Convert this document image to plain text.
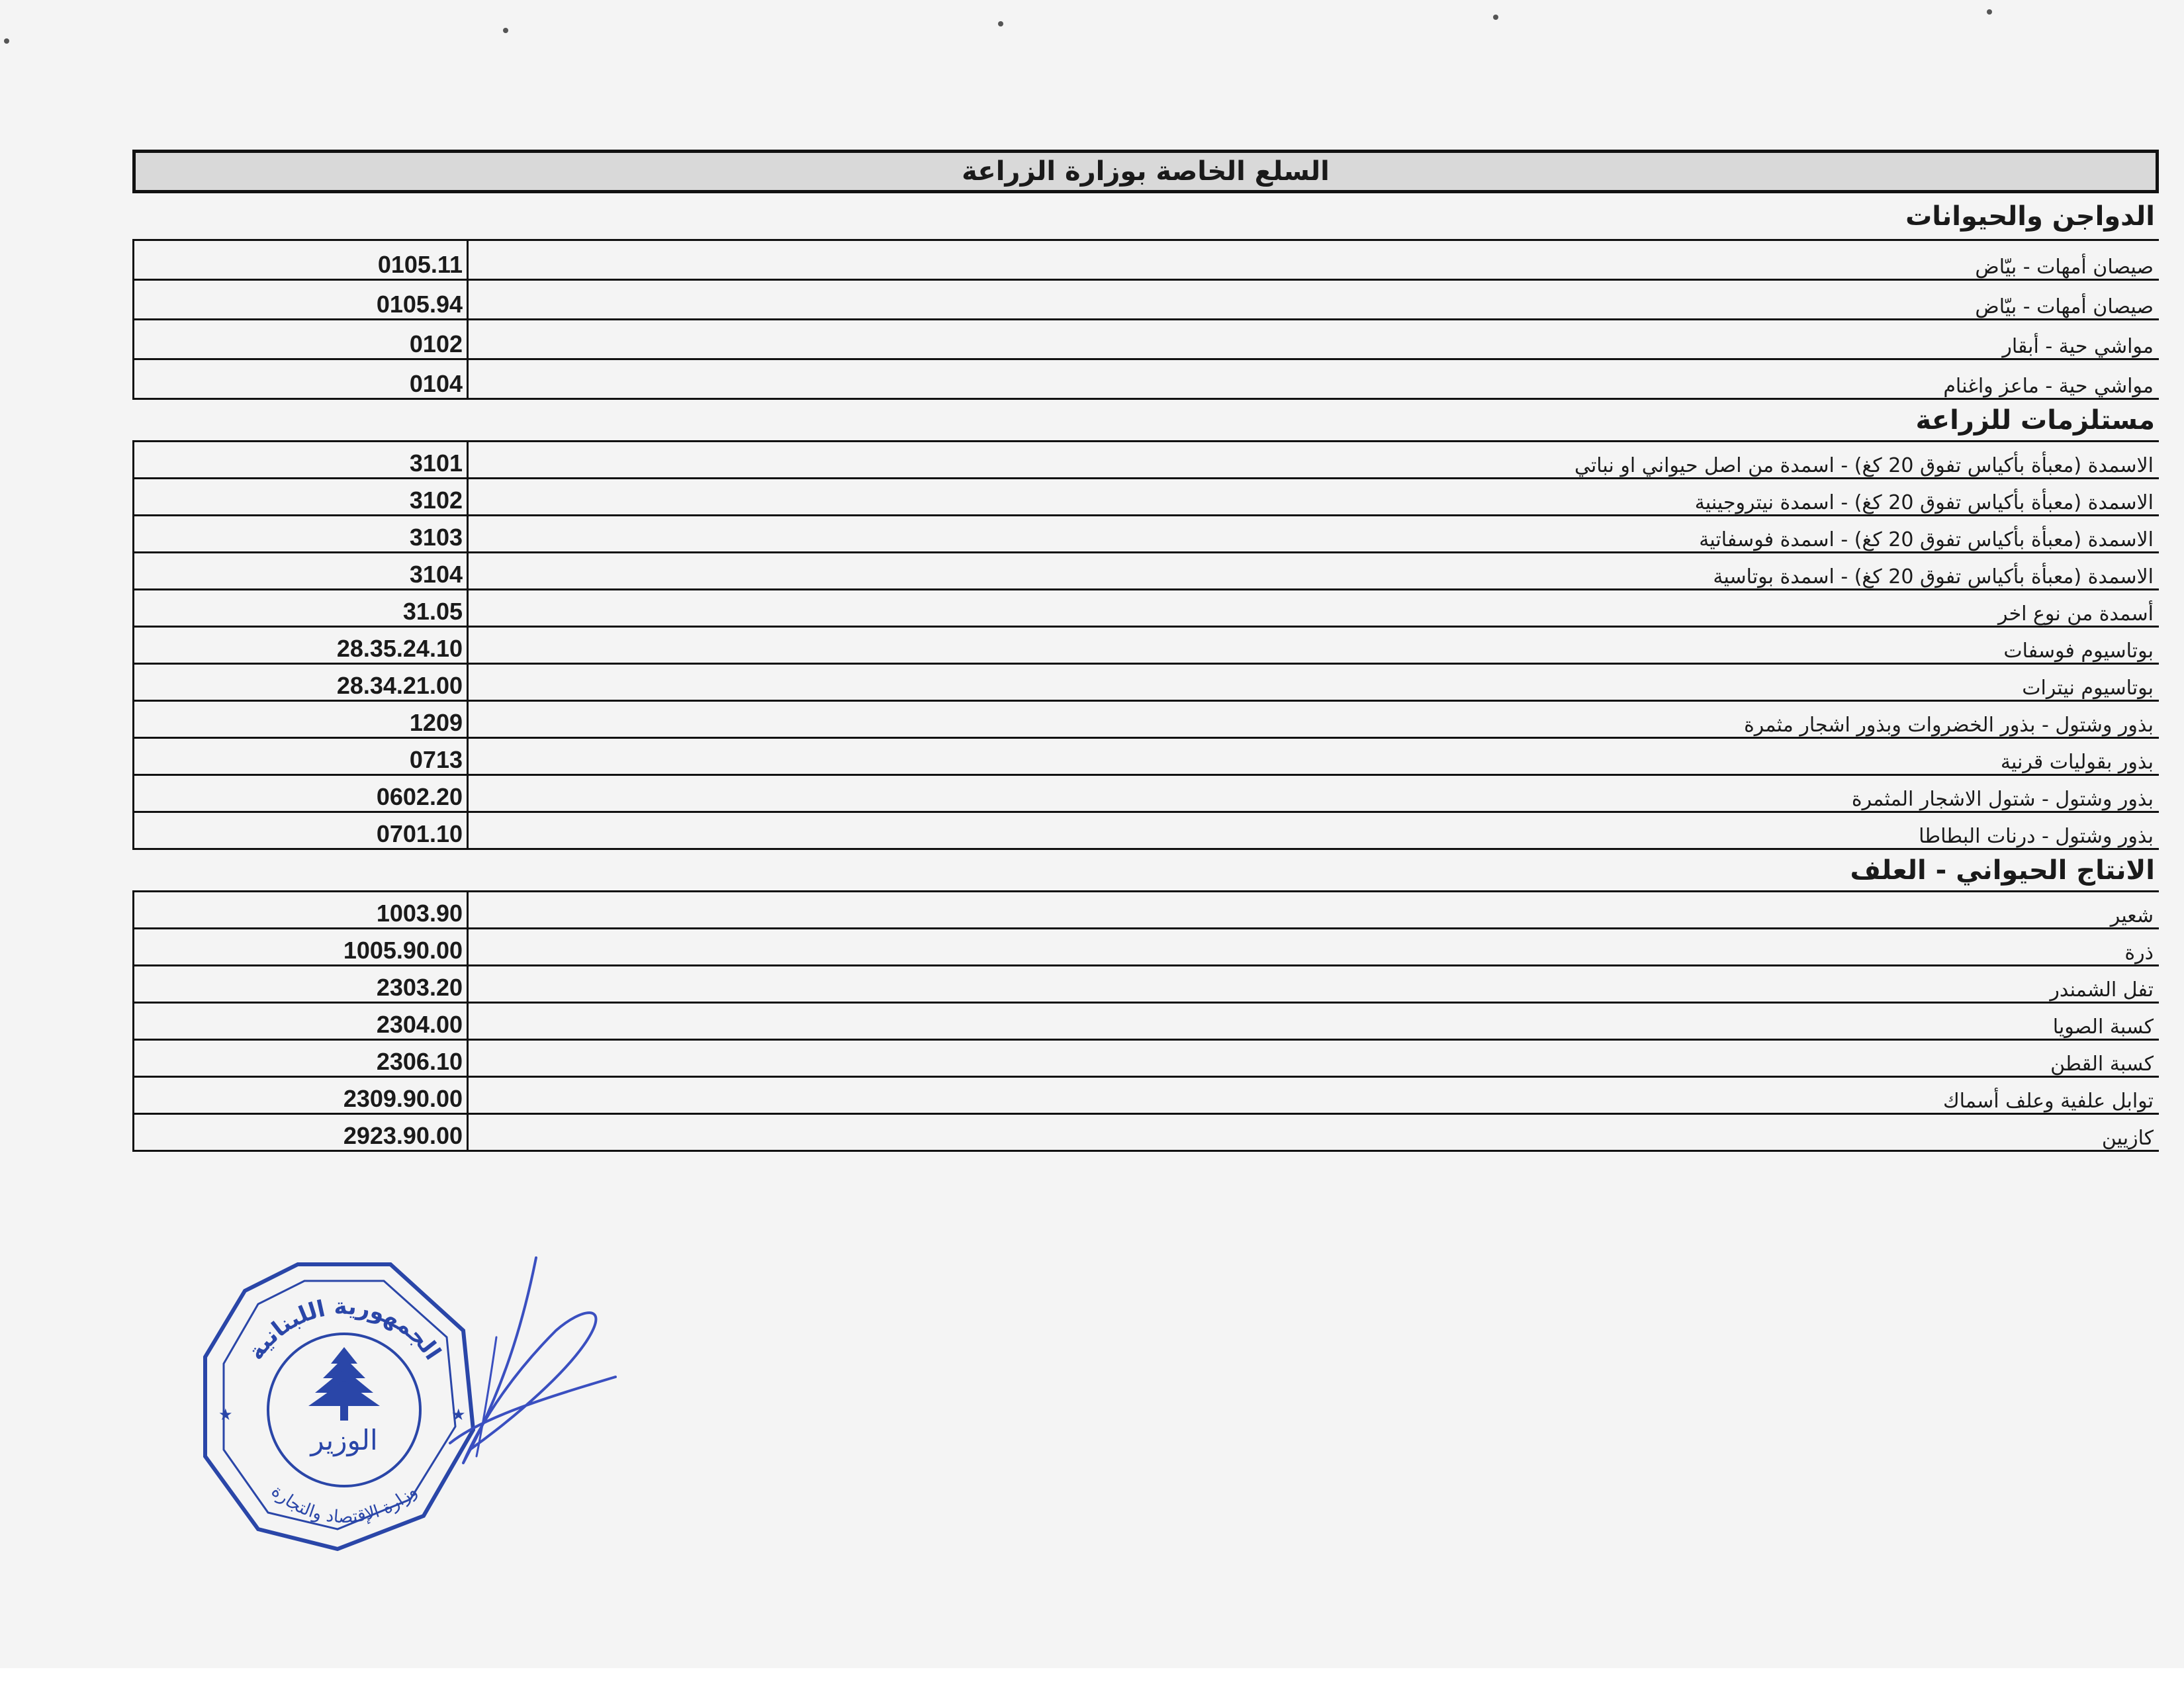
السلع الخاصة بوزارة الزراعة
الدواجن والحيوانات
صيصان أمهات - بيّاض
0105.11
صيصان أمهات - بيّاض
0105.94
مواشي حية - أبقار
0102
مواشي حية - ماعز واغنام
0104
مستلزمات للزراعة
الاسمدة (معبأة بأكياس تفوق 20 كغ) - اسمدة من اصل حيواني او نباتي
3101
الاسمدة (معبأة بأكياس تفوق 20 كغ) - اسمدة نيتروجينية
3102
الاسمدة (معبأة بأكياس تفوق 20 كغ) - اسمدة فوسفاتية
3103
الاسمدة (معبأة بأكياس تفوق 20 كغ) - اسمدة بوتاسية
3104
أسمدة من نوع اخر
31.05
بوتاسيوم فوسفات
28.35.24.10
بوتاسيوم نيترات
28.34.21.00
بذور وشتول - بذور الخضروات وبذور اشجار مثمرة
1209
بذور بقوليات قرنية
0713
بذور وشتول - شتول الاشجار المثمرة
0602.20
بذور وشتول - درنات البطاطا
0701.10
الانتاج الحيواني - العلف
شعير
1003.90
ذرة
1005.90.00
تفل الشمندر
2303.20
كسبة الصويا
2304.00
كسبة القطن
2306.10
توابل علفية وعلف أسماك
2309.90.00
كازيين
2923.90.00
الجمهورية اللبنانية
وزارة الإقتصاد والتجارة
الوزير
★	★
